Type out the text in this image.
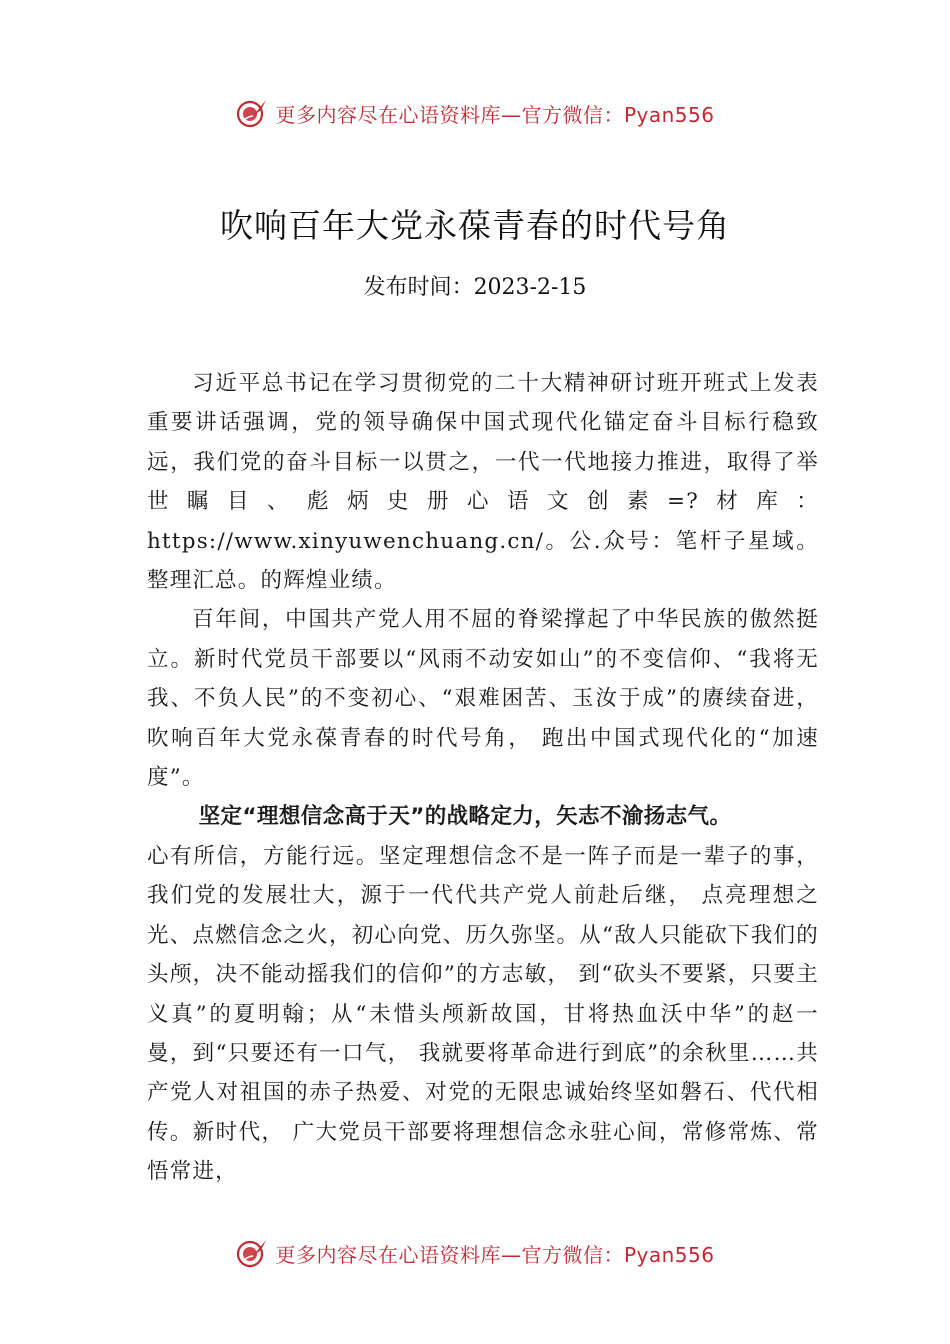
更多内容尽在心语资料库—官方微信：Pyan556
吹响百年大党永葆青春的时代号角
发布时间：2023-2-15

习近平总书记在学习贯彻党的二十大精神研讨班开班式上发表重要讲话强调，党的领导确保中国式现代化锚定奋斗目标行稳致远，我们党的奋斗目标一以贯之，一代一代地接力推进，取得了举世瞩目、彪炳史册心语文创素=?材库：https://www.xinyuwenchuang.cn/。公.众号：笔杆子星域。整理汇总。的辉煌业绩。

百年间，中国共产党人用不屈的脊梁撑起了中华民族的傲然挺立。新时代党员干部要以“风雨不动安如山”的不变信仰、“我将无我、不负人民”的不变初心、“艰难困苦、玉汝于成”的赓续奋进，吹响百年大党永葆青春的时代号角， 跑出中国式现代化的“加速度”。

坚定“理想信念高于天”的战略定力，矢志不渝扬志气。

心有所信，方能行远。坚定理想信念不是一阵子而是一辈子的事，我们党的发展壮大，源于一代代共产党人前赴后继， 点亮理想之光、点燃信念之火，初心向党、历久弥坚。从“敌人只能砍下我们的头颅，决不能动摇我们的信仰”的方志敏， 到“砍头不要紧，只要主义真”的夏明翰；从“未惜头颅新故国，甘将热血沃中华”的赵一曼，到“只要还有一口气， 我就要将革命进行到底”的余秋里……共产党人对祖国的赤子热爱、对党的无限忠诚始终坚如磐石、代代相传。新时代， 广大党员干部要将理想信念永驻心间，常修常炼、常悟常进，

更多内容尽在心语资料库—官方微信：Pyan556
